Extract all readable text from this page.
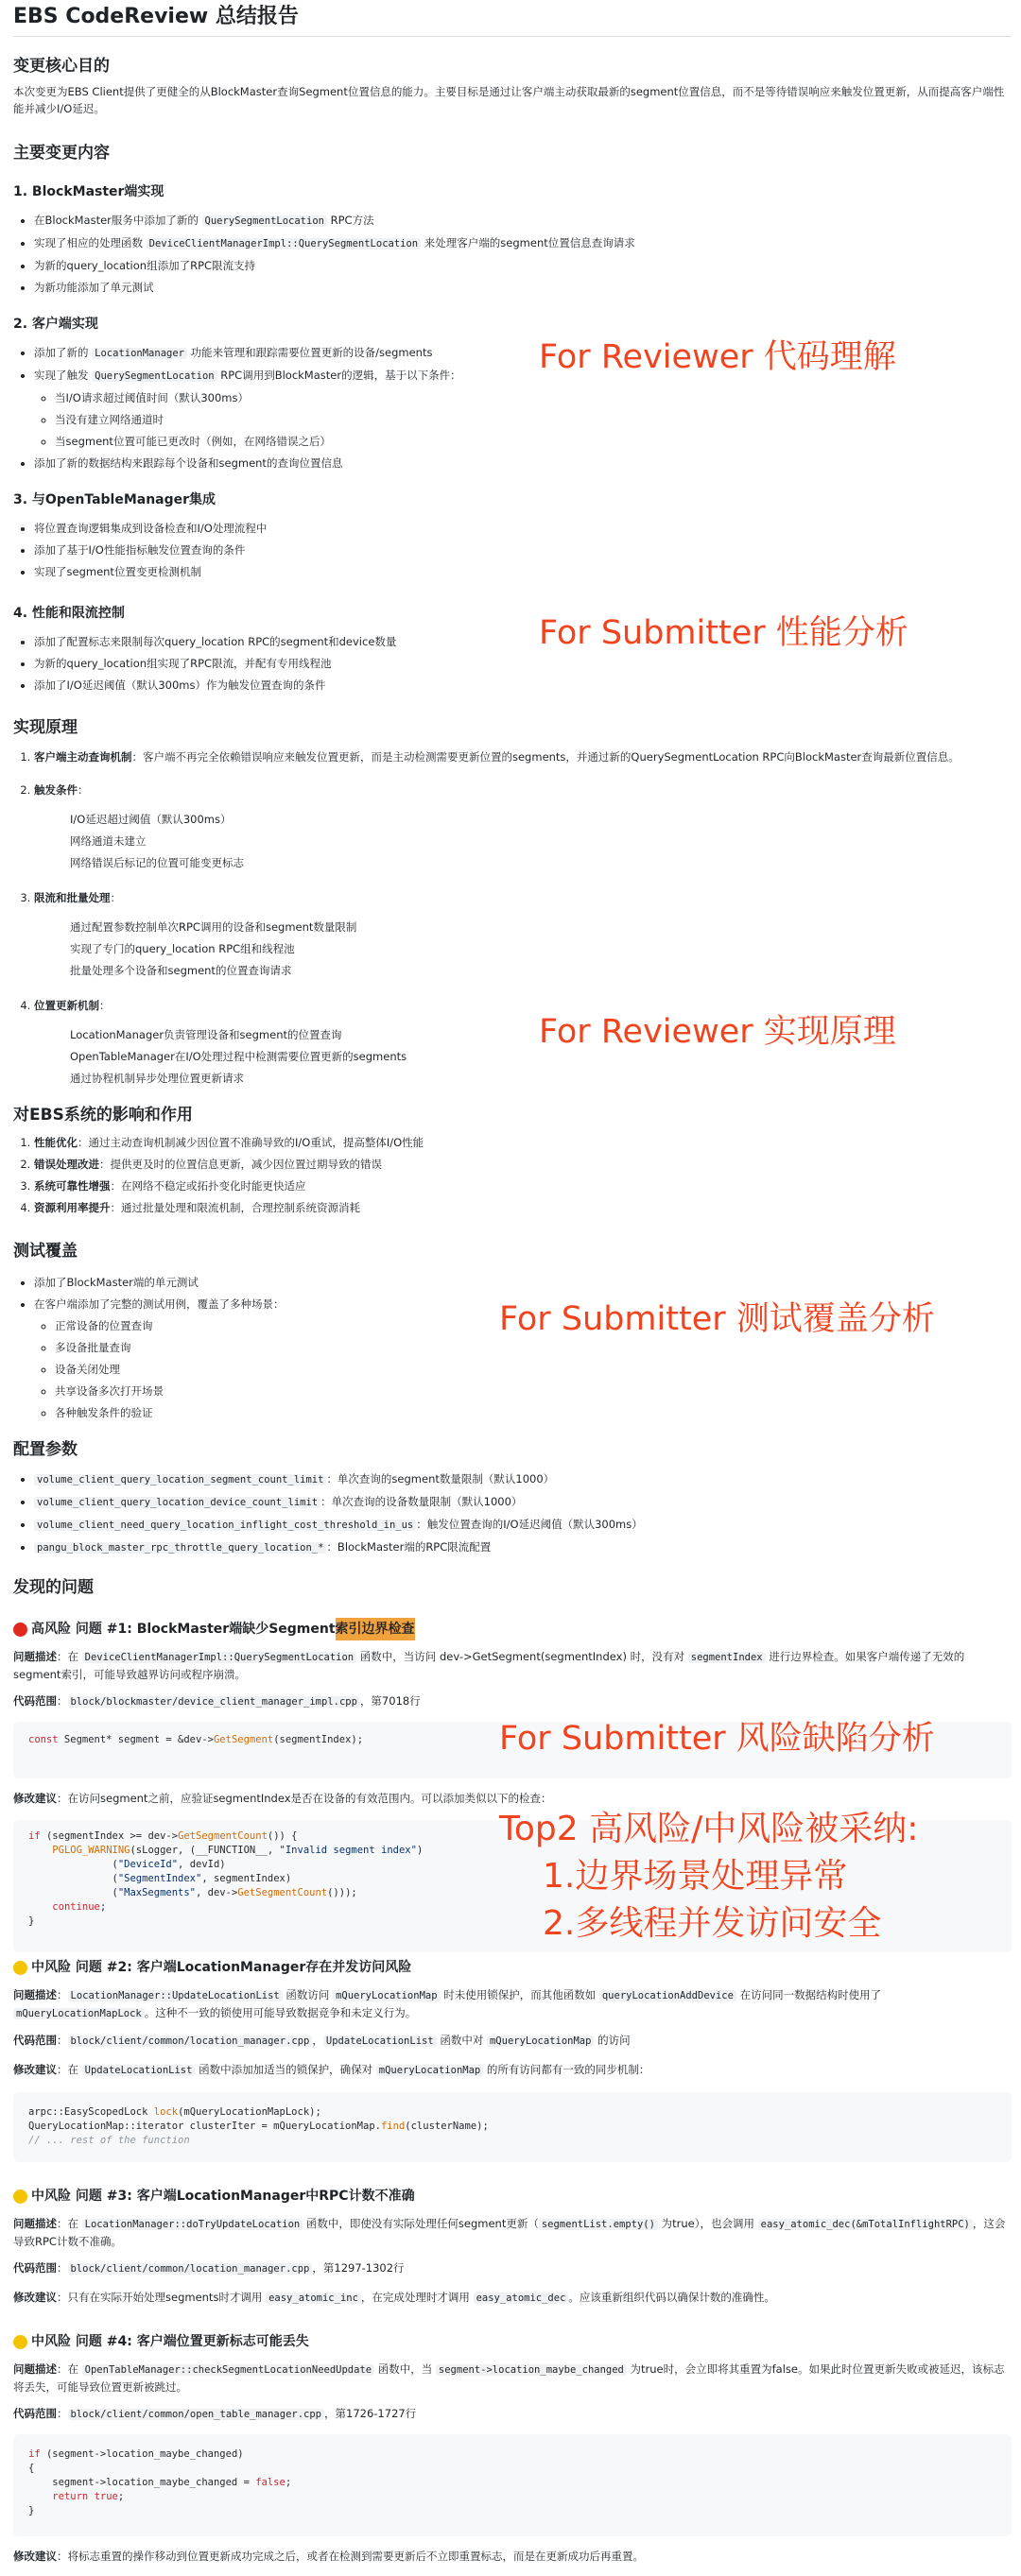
EBS CodeReview 总结报告
变更核心目的

本次变更为EBS Client提供了更健全的从BlockMaster查询Segment位置信息的能力。主要目标是通过让客户端主动获取最新的segment位置信息，而不是等待错误响应来触发位置更新，从而提高客户端性能并减少I/O延迟。

主要变更内容
1. BlockMaster端实现
• 在BlockMaster服务中添加了新的 QuerySegmentLocation RPC方法
• 实现了相应的处理函数 DeviceClientManagerImpl::QuerySegmentLocation 来处理客户端的segment位置信息查询请求
• 为新的query_location组添加了RPC限流支持
• 为新功能添加了单元测试
2. 客户端实现
• 添加了新的 LocationManager 功能来管理和跟踪需要位置更新的设备/segments
• 实现了触发 QuerySegmentLocation RPC调用到BlockMaster的逻辑，基于以下条件：
◦ 当I/O请求超过阈值时间（默认300ms）
◦ 当没有建立网络通道时
◦ 当segment位置可能已更改时（例如，在网络错误之后）
• 添加了新的数据结构来跟踪每个设备和segment的查询位置信息
3. 与OpenTableManager集成
• 将位置查询逻辑集成到设备检查和I/O处理流程中
• 添加了基于I/O性能指标触发位置查询的条件
• 实现了segment位置变更检测机制
4. 性能和限流控制
• 添加了配置标志来限制每次query_location RPC的segment和device数量
• 为新的query_location组实现了RPC限流，并配有专用线程池
• 添加了I/O延迟阈值（默认300ms）作为触发位置查询的条件
实现原理
1. 客户端主动查询机制：客户端不再完全依赖错误响应来触发位置更新，而是主动检测需要更新位置的segments，并通过新的QuerySegmentLocation RPC向BlockMaster查询最新位置信息。
2. 触发条件：
I/O延迟超过阈值（默认300ms）
网络通道未建立
网络错误后标记的位置可能变更标志
3. 限流和批量处理：
通过配置参数控制单次RPC调用的设备和segment数量限制
实现了专门的query_location RPC组和线程池
批量处理多个设备和segment的位置查询请求
4. 位置更新机制：
LocationManager负责管理设备和segment的位置查询
OpenTableManager在I/O处理过程中检测需要位置更新的segments
通过协程机制异步处理位置更新请求
对EBS系统的影响和作用
1. 性能优化：通过主动查询机制减少因位置不准确导致的I/O重试，提高整体I/O性能
2. 错误处理改进：提供更及时的位置信息更新，减少因位置过期导致的错误
3. 系统可靠性增强：在网络不稳定或拓扑变化时能更快适应
4. 资源利用率提升：通过批量处理和限流机制，合理控制系统资源消耗
测试覆盖
• 添加了BlockMaster端的单元测试
• 在客户端添加了完整的测试用例，覆盖了多种场景：
◦ 正常设备的位置查询
◦ 多设备批量查询
◦ 设备关闭处理
◦ 共享设备多次打开场景
◦ 各种触发条件的验证
配置参数
• volume_client_query_location_segment_count_limit ：单次查询的segment数量限制（默认1000）
• volume_client_query_location_device_count_limit ：单次查询的设备数量限制（默认1000）
• volume_client_need_query_location_inflight_cost_threshold_in_us ：触发位置查询的I/O延迟阈值（默认300ms）
• pangu_block_master_rpc_throttle_query_location_* ：BlockMaster端的RPC限流配置
发现的问题
高风险 问题 #1: BlockMaster端缺少Segment 索引边界检查

问题描述：在 DeviceClientManagerImpl::QuerySegmentLocation 函数中，当访问 dev->GetSegment(segmentIndex) 时，没有对 segmentIndex 进行边界检查。如果客户端传递了无效的segment索引，可能导致越界访问或程序崩溃。

代码范围： block/blockmaster/device_client_manager_impl.cpp ，第7018行

const Segment* segment = &dev->GetSegment(segmentIndex);

修改建议：在访问segment之前，应验证segmentIndex是否在设备的有效范围内。可以添加类似以下的检查：

if (segmentIndex >= dev->GetSegmentCount()) {
PGLOG_WARNING(sLogger, (__FUNCTION__, "Invalid segment index")
("DeviceId", devId)
("SegmentIndex", segmentIndex)
("MaxSegments", dev->GetSegmentCount()));
continue;
}
中风险 问题 #2: 客户端LocationManager存在并发访问风险

问题描述： LocationManager::UpdateLocationList 函数访问 mQueryLocationMap 时未使用锁保护，而其他函数如 queryLocationAddDevice 在访问同一数据结构时使用了 mQueryLocationMapLock 。这种不一致的锁使用可能导致数据竞争和未定义行为。

代码范围： block/client/common/location_manager.cpp ， UpdateLocationList 函数中对 mQueryLocationMap 的访问

修改建议：在 UpdateLocationList 函数中添加加适当的锁保护，确保对 mQueryLocationMap 的所有访问都有一致的同步机制：

arpc::EasyScopedLock lock(mQueryLocationMapLock);
QueryLocationMap::iterator clusterIter = mQueryLocationMap.find(clusterName);
// ... rest of the function
中风险 问题 #3: 客户端LocationManager中RPC计数不准确

问题描述：在 LocationManager::doTryUpdateLocation 函数中，即使没有实际处理任何segment更新（ segmentList.empty() 为true），也会调用 easy_atomic_dec(&mTotalInflightRPC) ，这会导致RPC计数不准确。

代码范围： block/client/common/location_manager.cpp ，第1297-1302行

修改建议：只有在实际开始处理segments时才调用 easy_atomic_inc ，在完成处理时才调用 easy_atomic_dec 。应该重新组织代码以确保计数的准确性。

中风险 问题 #4: 客户端位置更新标志可能丢失

问题描述：在 OpenTableManager::checkSegmentLocationNeedUpdate 函数中，当 segment->location_maybe_changed 为true时，会立即将其重置为false。如果此时位置更新失败或被延迟，该标志将丢失，可能导致位置更新被跳过。

代码范围： block/client/common/open_table_manager.cpp ，第1726-1727行

if (segment->location_maybe_changed)
{
segment->location_maybe_changed = false;
return true;
}

修改建议：将标志重置的操作移动到位置更新成功完成之后，或者在检测到需要更新后不立即重置标志，而是在更新成功后再重置。

For Reviewer 代码理解
For Submitter 性能分析
For Reviewer 实现原理
For Submitter 测试覆盖分析
For Submitter 风险缺陷分析
Top2 高风险/中风险被采纳:
1.边界场景处理异常
2.多线程并发访问安全
